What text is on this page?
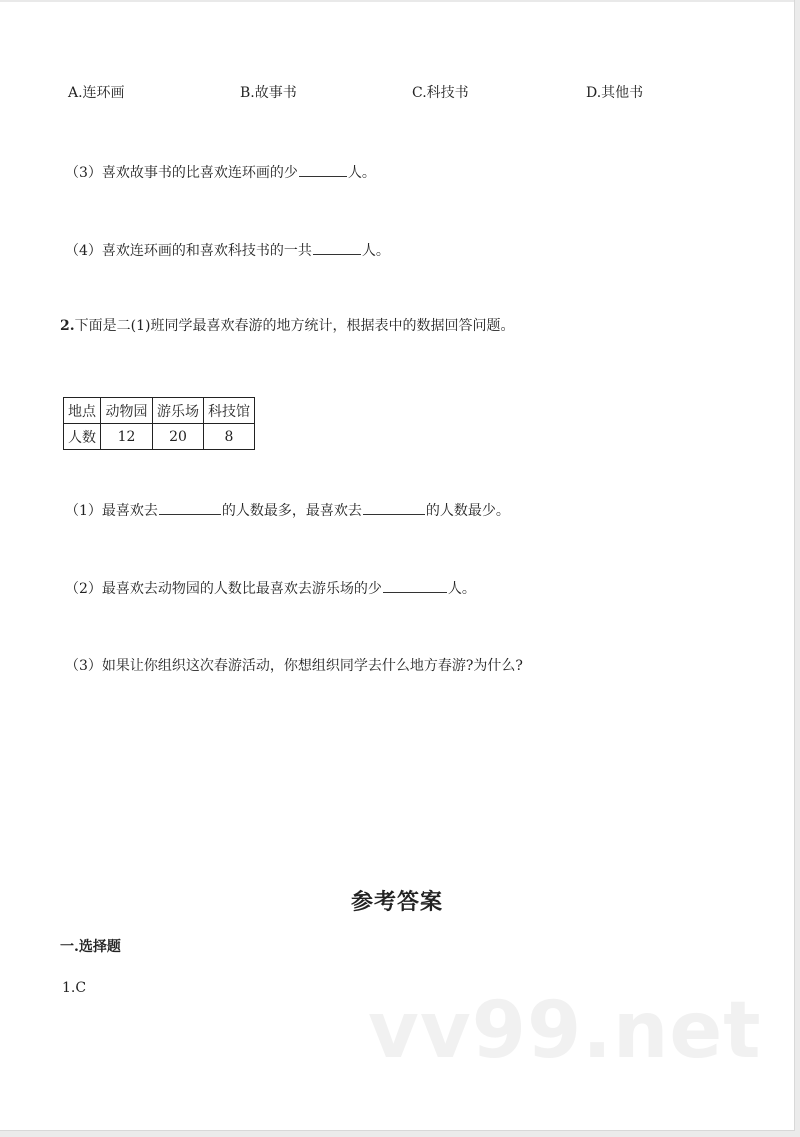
A.连环画	B.故事书	C.科技书	D.其他书
（3）喜欢故事书的比喜欢连环画的少	人。
（4）喜欢连环画的和喜欢科技书的一共	人。
2.下面是二(1)班同学最喜欢春游的地方统计，根据表中的数据回答问题。
地点	动物园	游乐场	科技馆
人数	12	20	8
（1）最喜欢去	的人数最多，最喜欢去	的人数最少。
（2）最喜欢去动物园的人数比最喜欢去游乐场的少	人。
（3）如果让你组织这次春游活动，你想组织同学去什么地方春游?为什么?
参考答案
一.选择题
1.C	vv99.net
